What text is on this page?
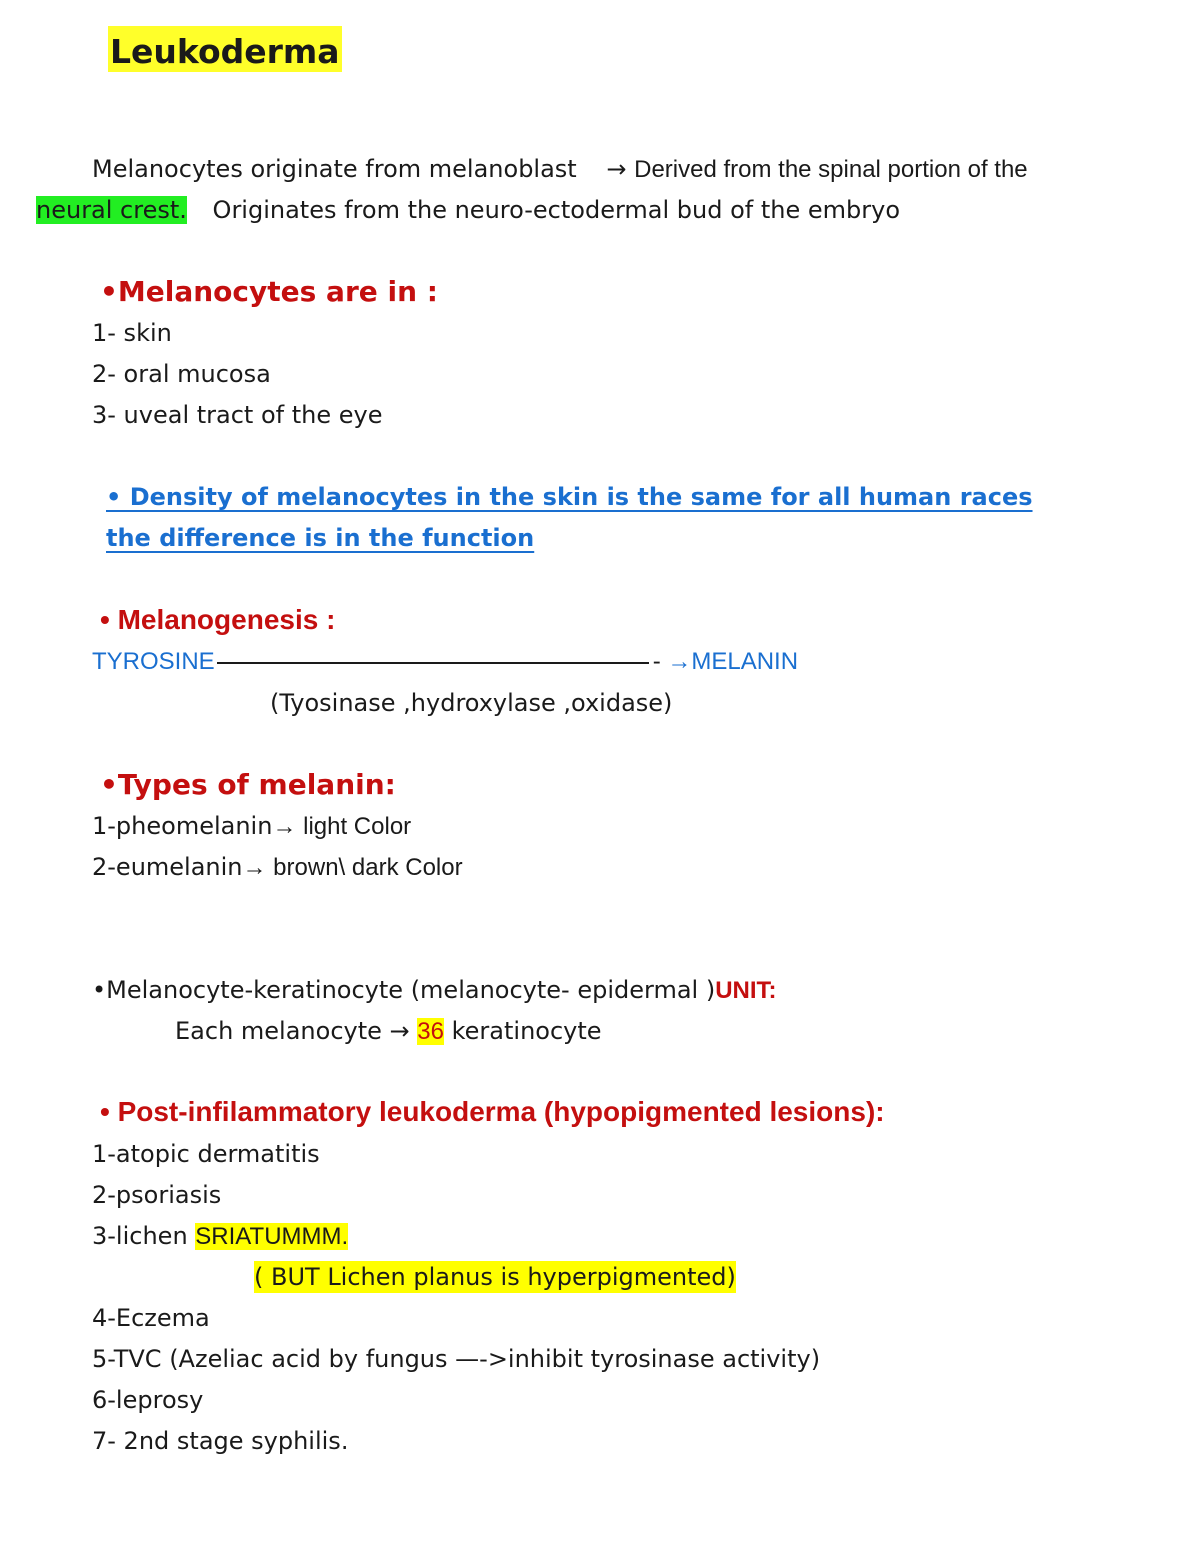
Leukoderma
Melanocytes originate from melanoblast → Derived from the spinal portion of the
neural crest. Originates from the neuro-ectodermal bud of the embryo
•Melanocytes are in :
1- skin
2- oral mucosa
3- uveal tract of the eye
• Density of melanocytes in the skin is the same for all human races
the difference is in the function
• Melanogenesis :
TYROSINE	- →MELANIN
(Tyosinase ,hydroxylase ,oxidase)
•Types of melanin:
1-pheomelanin→ light Color
2-eumelanin→ brown\ dark Color
•Melanocyte-keratinocyte (melanocyte- epidermal )UNIT:
Each melanocyte → 36 keratinocyte
• Post-infilammatory leukoderma (hypopigmented lesions):
1-atopic dermatitis
2-psoriasis
3-lichen SRIATUMMM.
( BUT Lichen planus is hyperpigmented)
4-Eczema
5-TVC (Azeliac acid by fungus —->inhibit tyrosinase activity)
6-leprosy
7- 2nd stage syphilis.
